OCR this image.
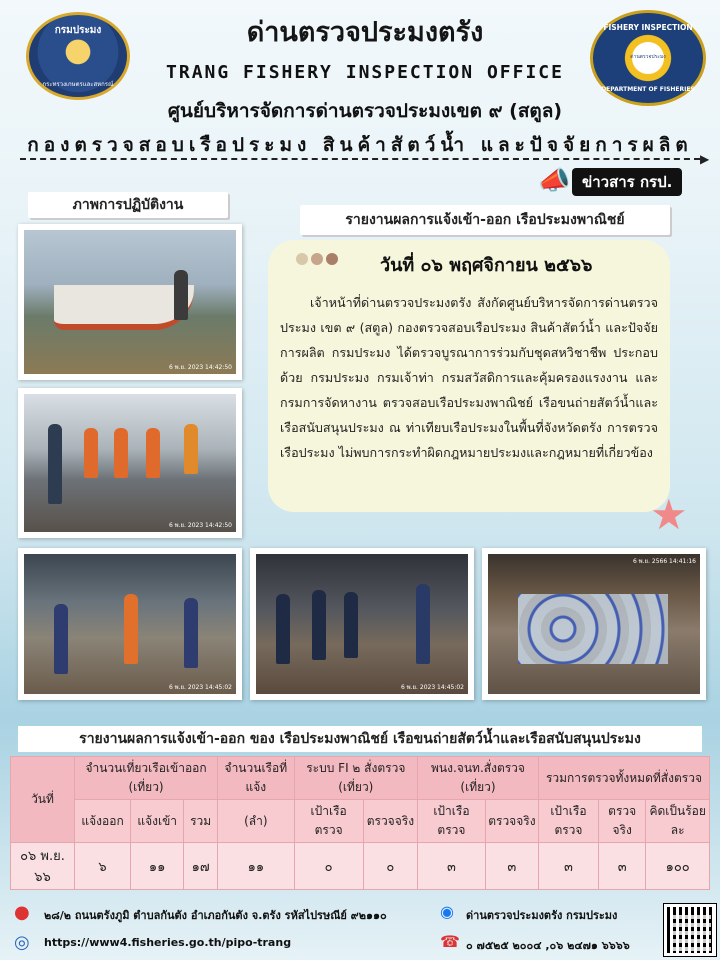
กรมประมง
กระทรวงเกษตรและสหกรณ์
FISHERY INSPECTION
ด่านตรวจประมง
DEPARTMENT OF FISHERIES
ด่านตรวจประมงตรัง
TRANG FISHERY INSPECTION OFFICE
ศูนย์บริหารจัดการด่านตรวจประมงเขต ๙ (สตูล)
กองตรวจสอบเรือประมง สินค้าสัตว์น้ำ และปัจจัยการผลิต
▶
📣 ข่าวสาร กรป.
ภาพการปฏิบัติงาน
รายงานผลการแจ้งเข้า-ออก เรือประมงพาณิชย์
6 พ.ย. 2023 14:42:50
6 พ.ย. 2023 14:42:50
6 พ.ย. 2023 14:45:02	6 พ.ย. 2023 14:45:02
6 พ.ย. 2566 14:41:16
วันที่ ๐๖ พฤศจิกายน ๒๕๖๖
เจ้าหน้าที่ด่านตรวจประมงตรัง สังกัดศูนย์บริหารจัดการด่านตรวจประมง เขต ๙ (สตูล) กองตรวจสอบเรือประมง สินค้าสัตว์น้ำ และปัจจัยการผลิต กรมประมง ได้ตรวจบูรณาการร่วมกับชุดสหวิชาชีพ ประกอบด้วย กรมประมง กรมเจ้าท่า กรมสวัสดิการและคุ้มครองแรงงาน และกรมการจัดหางาน ตรวจสอบเรือประมงพาณิชย์ เรือขนถ่ายสัตว์น้ำและเรือสนับสนุนประมง ณ ท่าเทียบเรือประมงในพื้นที่จังหวัดตรัง การตรวจเรือประมง ไม่พบการกระทำผิดกฎหมายประมงและกฎหมายที่เกี่ยวข้อง
★
รายงานผลการแจ้งเข้า-ออก ของ เรือประมงพาณิชย์ เรือขนถ่ายสัตว์น้ำและเรือสนับสนุนประมง
วันที่	จำนวนเที่ยวเรือเข้าออก (เที่ยว)			จำนวนเรือที่แจ้ง	ระบบ FI ๒ สั่งตรวจ (เที่ยว)		พนง.จนท.สั่งตรวจ (เที่ยว)		รวมการตรวจทั้งหมดที่สั่งตรวจ		
	แจ้งออก	แจ้งเข้า	รวม	(ลำ)	เป้าเรือตรวจ	ตรวจจริง	เป้าเรือตรวจ	ตรวจจริง	เป้าเรือตรวจ	ตรวจจริง	คิดเป็นร้อยละ
๐๖ พ.ย. ๖๖	๖	๑๑	๑๗	๑๑	๐	๐	๓	๓	๓	๓	๑๐๐
● ๒๘/๒ ถนนตรังภูมิ ตำบลกันตัง อำเภอกันตัง จ.ตรัง รหัสไปรษณีย์ ๙๒๑๑๐	◉ ด่านตรวจประมงตรัง กรมประมง
◎ https://www4.fisheries.go.th/pipo-trang	☎ ๐ ๗๕๒๕ ๒๐๐๔ ,๐๖ ๒๔๗๑ ๖๖๖๖
